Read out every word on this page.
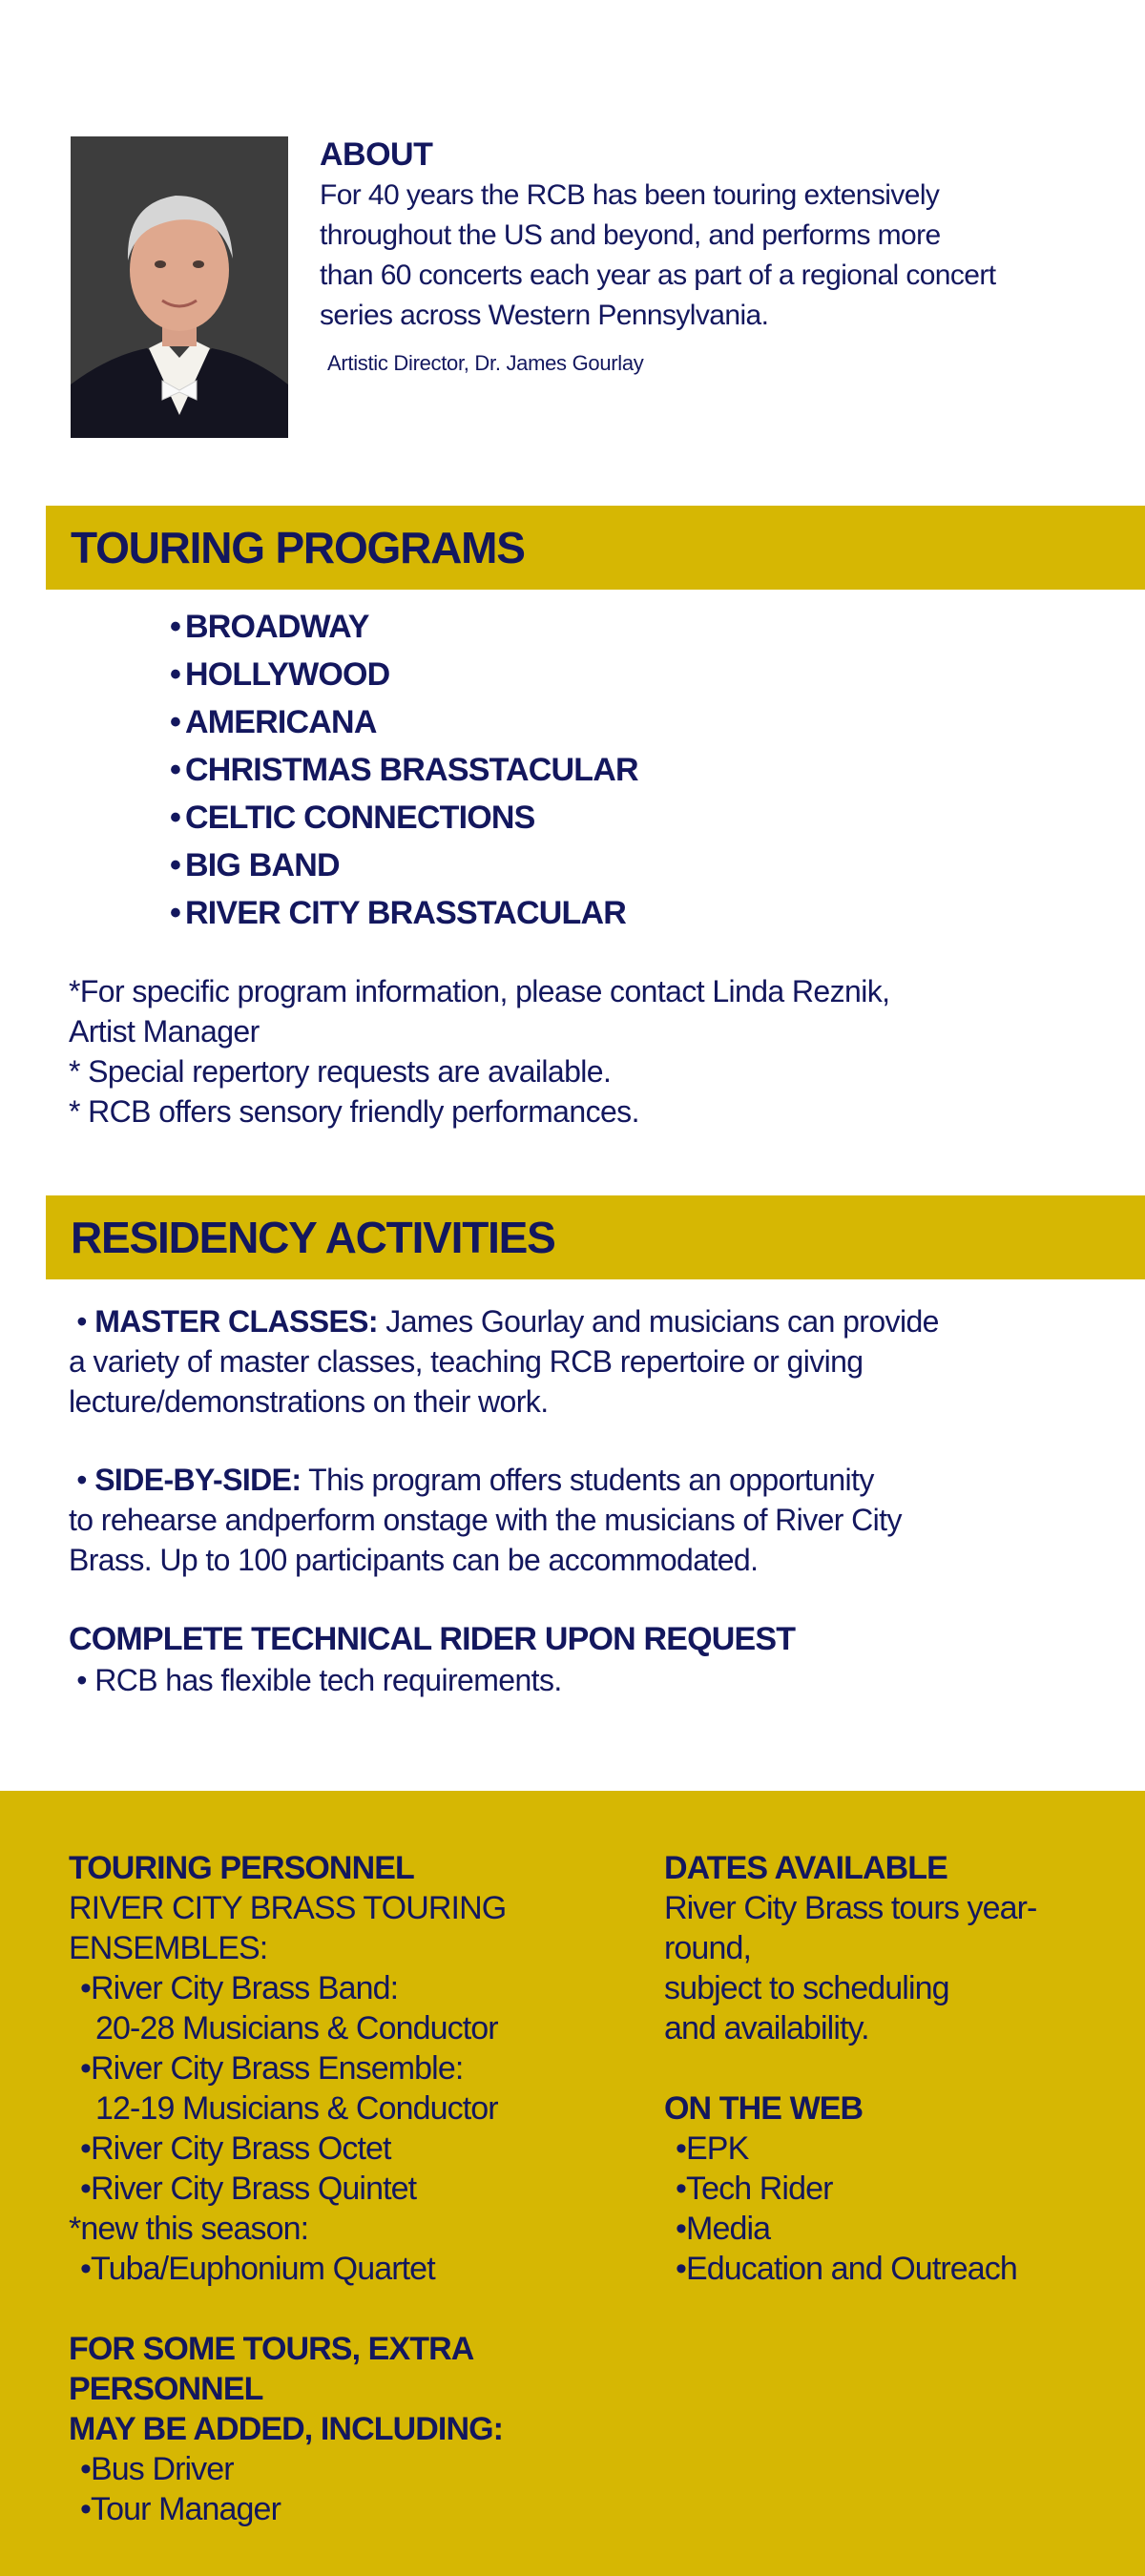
ABOUT

For 40 years the RCB has been touring extensively
throughout the US and beyond, and performs more
than 60 concerts each year as part of a regional concert
series across Western Pennsylvania.

Artistic Director, Dr. James Gourlay
TOURING PROGRAMS
• BROADWAY
• HOLLYWOOD
• AMERICANA
• CHRISTMAS BRASSTACULAR
• CELTIC CONNECTIONS
• BIG BAND
• RIVER CITY BRASSTACULAR

*For specific program information, please contact Linda Reznik,

Artist Manager

* Special repertory requests are available.

* RCB offers sensory friendly performances.

RESIDENCY ACTIVITIES
• MASTER CLASSES: James Gourlay and musicians can provide
a variety of master classes, teaching RCB repertoire or giving
lecture/demonstrations on their work.
• SIDE-BY-SIDE: This program offers students an opportunity
to rehearse andperform onstage with the musicians of River City
Brass. Up to 100 participants can be accommodated.

COMPLETE TECHNICAL RIDER UPON REQUEST

• RCB has flexible tech requirements.

TOURING PERSONNEL

RIVER CITY BRASS TOURING ENSEMBLES:

•River City Brass Band:
20-28 Musicians & Conductor
•River City Brass Ensemble:
12-19 Musicians & Conductor
•River City Brass Octet
•River City Brass Quintet

*new this season:

•Tuba/Euphonium Quartet
FOR SOME TOURS, EXTRA PERSONNEL
MAY BE ADDED, INCLUDING:
•Bus Driver
•Tour Manager
DATES AVAILABLE

River City Brass tours year-round,

subject to scheduling

and availability.

ON THE WEB
•EPK
•Tech Rider
•Media
•Education and Outreach
